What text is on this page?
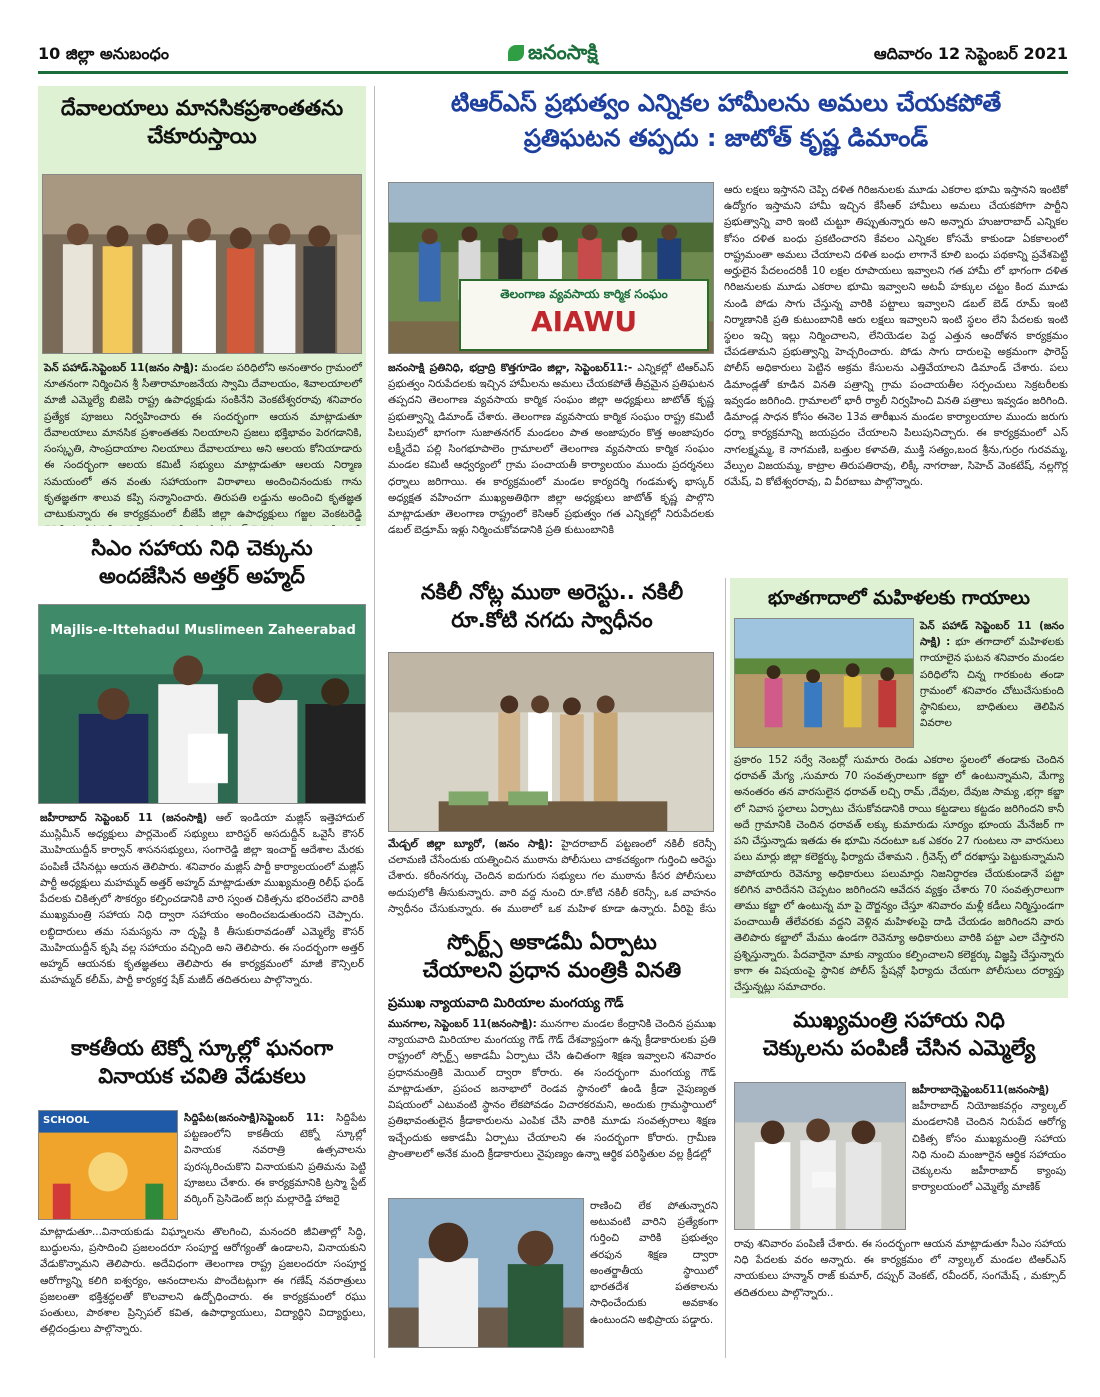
10 జిల్లా అనుబంధం	జనంసాక్షి	ఆదివారం 12 సెప్టెంబర్ 2021
దేవాలయాలు మానసికప్రశాంతతను
చేకూరుస్తాయి
పెన్ పహాడ్.సెప్టెంబర్ 11(జనం సాక్షి): మండల పరిధిలోని అనంతారం గ్రామంలో నూతనంగా నిర్మించిన శ్రీ సీతారామాంజనేయ స్వామి దేవాలయం, శివాలయాలలో మాజీ ఎమ్మెల్యే బిజెపి రాష్ట్ర ఉపాధ్యక్షుడు సంకినేని వెంకటేశ్వరరావు శనివారం ప్రత్యేక పూజలు నిర్వహించారు ఈ సందర్భంగా ఆయన మాట్లాడుతూ దేవాలయాలు మానసిక ప్రశాంతతకు నిలయాలని ప్రజలు భక్తిభావం పెరగడానికి, సంస్కృతి, సాంప్రదాయాల నిలయాలు దేవాలయాలు అని ఆలయ కోనియాడారు ఈ సందర్భంగా ఆలయ కమిటీ సభ్యులు మాట్లాడుతూ ఆలయ నిర్మాణ సమయంలో తన వంతు సహాయంగా విరాళాలు అందించినందుకు గాను కృతజ్ఞతగా శాలువ కప్పి సన్మానించారు. తిరుపతి లడ్డును అందించి కృతజ్ఞత చాటుకున్నారు ఈ కార్యక్రమంలో బీజేపీ జిల్లా ఉపాధ్యక్షులు గజ్జల వెంకటరెడ్డి
సిఎం సహాయ నిధి చెక్కును
అందజేసిన అత్తర్ అహ్మద్
Majlis-e-Ittehadul Muslimeen Zaheerabad
జహీరాబాద్ సెప్టెంబర్ 11 (జనంసాక్షి) ఆల్ ఇండియా మజ్లిస్ ఇత్తెహాదుల్ ముస్లిమీన్ అధ్యక్షులు పార్లమెంట్ సభ్యులు బారిస్టర్ అసదుద్దీన్ ఒవైసీ కౌసర్ మొహియుద్దీన్ కార్వాన్ శాసనసభ్యులు, సంగారెడ్డి జిల్లా ఇంచార్జ్ ఆదేశాల మేరకు పంపిణీ చేసినట్లు ఆయన తెలిపారు. శనివారం మజ్లిస్ పార్టీ కార్యాలయంలో మజ్లిస్ పార్టీ అధ్యక్షులు మహమ్మద్ అత్తర్ అహ్మద్ మాట్లాడుతూ ముఖ్యమంత్రి రిలీఫ్ ఫండ్ పేదలకు చికిత్సలో సౌకర్యం కల్పించడానికి వారి స్వంత చికిత్సను భరించలేని వారికి ముఖ్యమంత్రి సహాయ నిధి ద్వారా సహాయం అందించబడుతుందని చెప్పారు. లబ్ధిదారులు తమ సమస్యను నా దృష్టి కి తీసుకురావడంతో ఎమ్మెల్యే కౌసర్ మొహియుద్దీన్ కృషి వల్ల సహాయం వచ్చింది అని తెలిపారు. ఈ సందర్భంగా అత్తర్ అహ్మద్ ఆయనకు కృతజ్ఞతలు తెలిపారు ఈ కార్యక్రమంలో మాజీ కౌన్సిలర్ మహమ్మద్ కలీమ్, పార్టీ కార్యకర్త షేక్ మజీద్ తదితరులు పాల్గొన్నారు.
కాకతీయ టెక్నో స్కూల్లో ఘనంగా
వినాయక చవితి వేడుకలు
SCHOOL	సిద్దిపేట(జనంసాక్షి)సెప్టెంబర్ 11: సిద్దిపేట పట్టణంలోని కాకతీయ టెక్నో స్కూల్లో వినాయక నవరాత్రి ఉత్సవాలను పురస్కరించుకొని వినాయకుని ప్రతిమను పెట్టి పూజలు చేశారు. ఈ కార్యక్రమానికి ట్రస్మా స్టేట్ వర్కింగ్ ప్రెసిడెంట్ జగ్గు మల్లారెడ్డి హాజరై
మాట్లాడుతూ...వినాయకుడు విఘ్నాలను తొలగించి, మనందరి జీవితాల్లో సిద్ధి, బుద్ధులను, ప్రసాదించి ప్రజలందరూ సంపూర్ణ ఆరోగ్యంతో ఉండాలని, వినాయకుని వేడుకొన్నామని తెలిపారు. అదేవిధంగా తెలంగాణ రాష్ట్ర ప్రజలందరూ సంపూర్ణ ఆరోగ్యాన్ని కలిగి ఐశ్వర్యం, ఆనందాలను పొందేటట్లుగా ఈ గణేష్ నవరాత్రులు ప్రజలంతా భక్తిశ్రద్ధలతో కొలవాలని ఉద్బోధించారు. ఈ కార్యక్రమంలో రఘు పంతులు, పాఠశాల ప్రిన్సిపల్ కవిత, ఉపాధ్యాయులు, విద్యార్థిని విద్యార్థులు, తల్లిదండ్రులు పాల్గొన్నారు.
టిఆర్ఎస్ ప్రభుత్వం ఎన్నికల హామీలను అమలు చేయకపోతే
ప్రతిఘటన తప్పదు : జాటోత్ కృష్ణ డిమాండ్
తెలంగాణ వ్యవసాయ కార్మిక సంఘం
AIAWU
జనంసాక్షి ప్రతినిధి, భద్రాద్రి కొత్తగూడెం జిల్లా, సెప్టెంబర్11:- ఎన్నికల్లో టిఆర్ఎస్ ప్రభుత్వం నిరుపేదలకు ఇచ్చిన హామీలను అమలు చేయకపోతే తీవ్రమైన ప్రతిఘటన తప్పదని తెలంగాణ వ్యవసాయ కార్మిక సంఘం జిల్లా అధ్యక్షులు జాటోత్ కృష్ణ ప్రభుత్వాన్ని డిమాండ్ చేశారు. తెలంగాణ వ్యవసాయ కార్మిక సంఘం రాష్ట్ర కమిటీ పిలుపులో భాగంగా సుజాతనగర్ మండలం పాత అంజాపురం కొత్త అంజాపురం లక్ష్మీదేవి పల్లి సింగభూపాలెం గ్రామాలలో తెలంగాణ వ్యవసాయ కార్మిక సంఘం మండల కమిటీ ఆధ్వర్యంలో గ్రామ పంచాయతీ కార్యాలయం ముందు ప్రదర్శనలు ధర్నాలు జరిగాయి. ఈ కార్యక్రమంలో మండల కార్యదర్శి గండమళ్ళ భాస్కర్ అధ్యక్షత వహించగా ముఖ్యఅతిథిగా జిల్లా అధ్యక్షులు జాటోత్ కృష్ణ పాల్గొని మాట్లాడుతూ తెలంగాణ రాష్ట్రంలో కెసిఆర్ ప్రభుత్వం గత ఎన్నికల్లో నిరుపేదలకు డబల్ బెడ్రూమ్ ఇళ్లు నిర్మించుకోవడానికి ప్రతి కుటుంబానికి
ఆరు లక్షలు ఇస్తానని చెప్పి దళిత గిరిజనులకు మూడు ఎకరాల భూమి ఇస్తానని ఇంటికో ఉద్యోగం ఇస్తామని హామీ ఇచ్చిన కేసీఆర్ హామీలు అమలు చేయకపోగా పార్టీని ప్రభుత్వాన్ని వారి ఇంటి చుట్టూ తిప్పుతున్నారు అని అన్నారు హుజురాబాద్ ఎన్నికల కోసం దళిత బంధు ప్రకటించారని కేవలం ఎన్నికల కోసమే కాకుండా ఏకకాలంలో రాష్ట్రమంతా అమలు చేయాలని దళిత బంధు లాగానే కూలి బంధు పథకాన్ని ప్రవేశపెట్టి అర్హులైన పేదలందరికీ 10 లక్షల రూపాయలు ఇవ్వాలని గత హామీ లో భాగంగా దళిత గిరిజనులకు మూడు ఎకరాల భూమి ఇవ్వాలని అటవీ హక్కుల చట్టం కింద మూడు నుండి పోడు సాగు చేస్తున్న వారికి పట్టాలు ఇవ్వాలని డబల్ బెడ్ రూమ్ ఇంటి నిర్మాణానికి ప్రతి కుటుంబానికి ఆరు లక్షలు ఇవ్వాలని ఇంటి స్థలం లేని పేదలకు ఇంటి స్థలం ఇచ్చి ఇల్లు నిర్మించాలని, లేనియెడల పెద్ద ఎత్తున ఆందోళన కార్యక్రమం చేపడతామని ప్రభుత్వాన్ని హెచ్చరించారు. పోడు సాగు దారులపై అక్రమంగా ఫారెస్ట్ పోలీస్ అధికారులు పెట్టిన అక్రమ కేసులను ఎత్తివేయాలని డిమాండ్ చేశారు. పలు డిమాండ్లతో కూడిన వినతి పత్రాన్ని గ్రామ పంచాయతీల సర్పంచులు సెక్రటరీలకు ఇవ్వడం జరిగింది. గ్రామాలలో భారీ ర్యాలీ నిర్వహించి వినతి పత్రాలు ఇవ్వడం జరిగింది. డిమాండ్ల సాధన కోసం ఈనెల 13వ తారీఖున మండల కార్యాలయాల ముందు జరుగు ధర్నా కార్యక్రమాన్ని జయప్రదం చేయాలని పిలుపునిచ్చారు. ఈ కార్యక్రమంలో ఎస్ నాగలక్ష్మమ్మ, కె నాగమణి, బత్తుల కళావతి, ముక్తి సత్యం,బంద శ్రీను,గుర్రం గురవమ్మ, వేల్పుల విజయమ్మ, కాట్రాల తిరుపతిరావు, లిక్కీ నాగరాజు, సిహెచ్ వెంకటేష్, నల్లగొర్ల రమేష్, వి కోటేశ్వరరావు, వి వీరబాబు పాల్గొన్నారు.
నకిలీ నోట్ల ముఠా అరెస్టు.. నకిలీ
రూ.కోటి నగదు స్వాధీనం
మేడ్చల్ జిల్లా బ్యూరో, (జనం సాక్షి): హైదరాబాద్ పట్టణంలో నకిలీ కరెన్సీ చలామణి చేసేందుకు యత్నించిన ముఠాను పోలీసులు చాకచక్యంగా గుర్తించి అరెస్టు చేశారు. కరీంనగర్కు చెందిన ఐదుగురు సభ్యులు గల ముఠాను కీసర పోలీసులు అదుపులోకి తీసుకున్నారు. వారి వద్ద నుంచి రూ.కోటి నకిలీ కరెన్సీ, ఒక వాహనం స్వాధీనం చేసుకున్నారు. ఈ ముఠాలో ఒక మహిళ కూడా ఉన్నారు. వీరిపై కేసు
స్పోర్ట్స్ అకాడమీ ఏర్పాటు
చేయాలని ప్రధాన మంత్రికి వినతి
ప్రముఖ న్యాయవాది మిరియాల మంగయ్య గౌడ్
మునగాల, సెప్టెంబర్ 11(జనంసాక్షి): మునగాల మండల కేంద్రానికి చెందిన ప్రముఖ న్యాయవాది మిరియాల మంగయ్య గౌడ్ గౌడ్ దేశవ్యాప్తంగా ఉన్న క్రీడాకారులకు ప్రతి రాష్ట్రంలో స్పోర్ట్స్ అకాడమీ ఏర్పాటు చేసి ఉచితంగా శిక్షణ ఇవ్వాలని శనివారం ప్రధానమంత్రికి మెయిల్ ద్వారా కోరారు. ఈ సందర్భంగా మంగయ్య గౌడ్ మాట్లాడుతూ, ప్రపంచ జనాభాలో రెండవ స్థానంలో ఉండి క్రీడా నైపుణ్యత విషయంలో ఎటువంటి స్థానం లేకపోవడం విచారకరమని, అందుకు గ్రామస్థాయిలో ప్రతిభావంతులైన క్రీడాకారులను ఎంపిక చేసి వారికి మూడు సంవత్సరాలు శిక్షణ ఇచ్చేందుకు అకాడమీ ఏర్పాటు చేయాలని ఈ సందర్భంగా కోరారు. గ్రామీణ ప్రాంతాలలో అనేక మంది క్రీడాకారులు నైపుణ్యం ఉన్నా ఆర్థిక పరిస్థితుల వల్ల క్రీడల్లో
రాణించి లేక పోతున్నారని అటువంటి వారిని ప్రత్యేకంగా గుర్తించి వారికి ప్రభుత్వం తరఫున శిక్షణ ద్వారా అంతర్జాతీయ స్థాయిలో భారతదేశ పతకాలను సాధించేందుకు అవకాశం ఉంటుందని అభిప్రాయ పడ్డారు.
భూతగాదాలో మహిళలకు గాయాలు
పెన్ పహాడ్ సెప్టెంబర్ 11 (జనం సాక్షి) : భూ తగాదాలో మహిళలకు గాయాలైన ఘటన శనివారం మండల పరిధిలోని చిన్న గారకుంట తండా గ్రామంలో శనివారం చోటుచేసుకుంది స్థానికులు, బాధితులు తెలిపిన వివరాల
ప్రకారం 152 సర్వే నెంబర్లో సుమారు రెండు ఎకరాల స్థలంలో తండాకు చెందిన ధరావత్ మేగ్య ,సుమారు 70 సంవత్సరాలుగా కబ్జా లో ఉంటున్నామని, మేగ్యా అనంతరం తన వారసులైన ధరావత్ లచ్చి రామ్ ,దేవుల, దేవుజ సామ్య ,భగ్గా కబ్జా లో నివాస స్థలాలు ఏర్పాటు చేసుకోవడానికి రాయి కట్టడాలు కట్టడం జరిగిందని కానీ అదే గ్రామానికి చెందిన ధరావత్ లక్కు కుమారుడు సూర్యం భూంయ మేనేజర్ గా పని చేస్తున్నాడు ఇతడు ఈ భూమి నదంటూ ఒక ఎకరం 27 గుంటలు నా వారసులు పలు మార్లు జిల్లా కలెక్టర్కు ఫిర్యాదు చేశామని . గ్రీవెన్స్ లో దరఖాస్తు పెట్టుకున్నామని వాపోయారు రెవెన్యూ అధికారులు పలుమార్లు నిజనిర్ధారణ చేయకుండానే పట్టా కలిగిన వారిదేనని చెప్పటం జరిగిందని ఆవేదన వ్యక్తం చేశారు 70 సంవత్సరాలుగా తాము కబ్జా లో ఉంటున్న మా పై దౌర్జన్యం చేస్తూ శనివారం మళ్లీ కడీలు నిర్మిస్తుండగా పంచాయితీ తేలేవరకు వద్దని వెళ్లిన మహిళలపై దాడి చేయడం జరిగిందని వారు తెలిపారు కబ్జాలో మేము ఉండగా రెవెన్యూ అధికారులు వారికి పట్టా ఎలా చేస్తారని ప్రశ్నిస్తున్నారు. పేదవారైనా మాకు న్యాయం కల్పించాలని కలెక్టర్కు విజ్ఞప్తి చేస్తున్నారు కాగా ఈ విషయంపై స్థానిక పోలీస్ స్టేషన్లో ఫిర్యాదు చేయగా పోలీసులు దర్యాప్తు చేస్తున్నట్లు సమాచారం.
ముఖ్యమంత్రి సహాయ నిధి
చెక్కులను పంపిణీ చేసిన ఎమ్మెల్యే
జహీరాబాద్సెప్టెంబర్11(జనంసాక్షి) జహీరాబాద్ నియోజకవర్గం న్యాల్కల్ మండలానికి చెందిన నిరుపేద ఆరోగ్య చికిత్స కోసం ముఖ్యమంత్రి సహాయ నిధి నుంచి మంజూరైన ఆర్థిక సహాయం చెక్కులను జహీరాబాద్ క్యాంపు కార్యాలయంలో ఎమ్మెల్యే మాణిక్
రావు శనివారం పంపిణీ చేశారు. ఈ సందర్భంగా ఆయన మాట్లాడుతూ సీఎం సహాయ నిధి పేదలకు వరం అన్నారు. ఈ కార్యక్రమం లో న్యాల్కల్ మండల టిఆర్ఎస్ నాయకులు హన్మాన్ రాజ్ కుమార్, దప్పుర్ వెంకట్, రవీందర్, సంగమేష్ , మక్సూద్ తదితరులు పాల్గొన్నారు..
